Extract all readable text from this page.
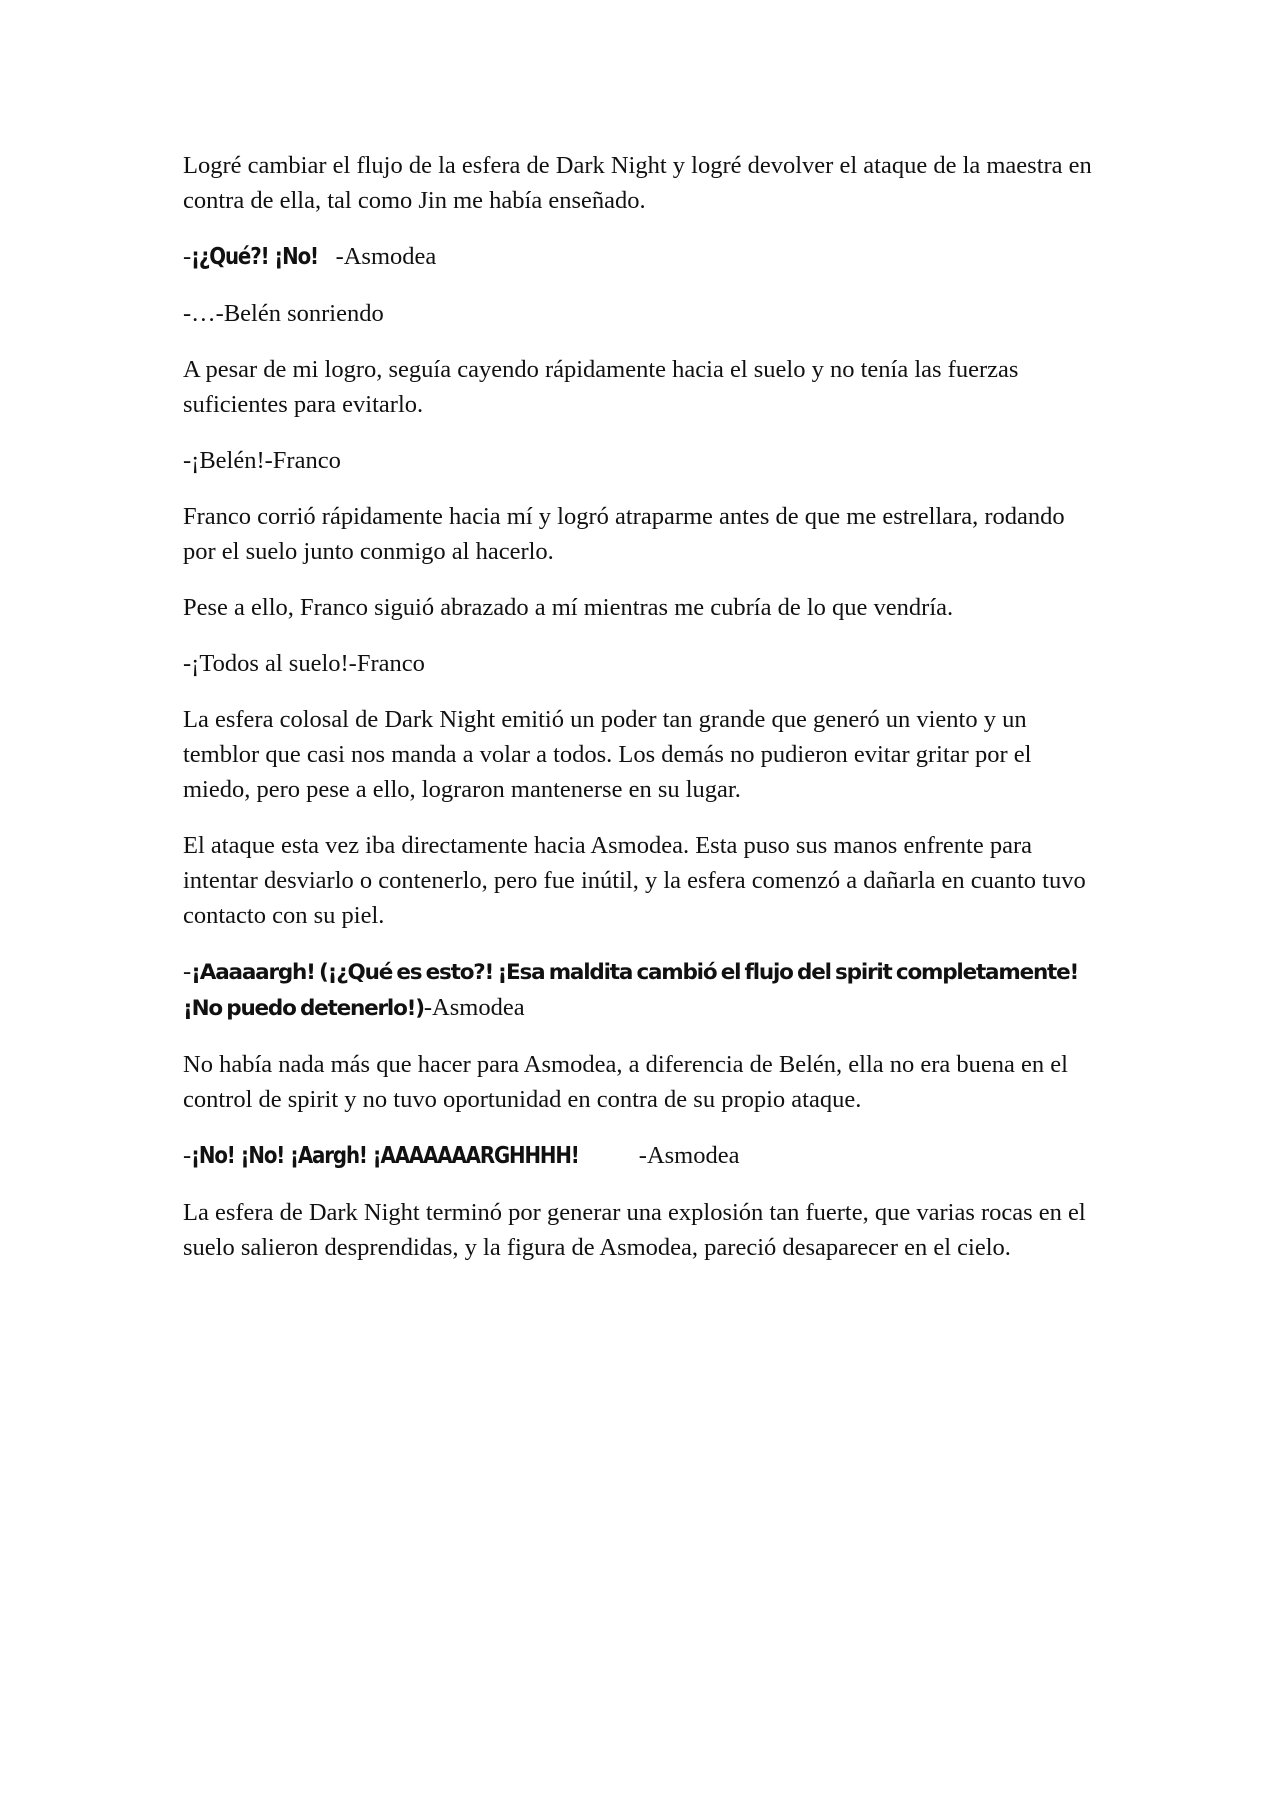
Logré cambiar el flujo de la esfera de Dark Night y logré devolver el ataque de la maestra en contra de ella, tal como Jin me había enseñado.

-¡¿Qué?! ¡No! -Asmodea

-…-Belén sonriendo

A pesar de mi logro, seguía cayendo rápidamente hacia el suelo y no tenía las fuerzas suficientes para evitarlo.

-¡Belén!-Franco

Franco corrió rápidamente hacia mí y logró atraparme antes de que me estrellara, rodando por el suelo junto conmigo al hacerlo.

Pese a ello, Franco siguió abrazado a mí mientras me cubría de lo que vendría.

-¡Todos al suelo!-Franco

La esfera colosal de Dark Night emitió un poder tan grande que generó un viento y un temblor que casi nos manda a volar a todos. Los demás no pudieron evitar gritar por el miedo, pero pese a ello, lograron mantenerse en su lugar.

El ataque esta vez iba directamente hacia Asmodea. Esta puso sus manos enfrente para intentar desviarlo o contenerlo, pero fue inútil, y la esfera comenzó a dañarla en cuanto tuvo contacto con su piel.

-¡Aaaaargh! (¡¿Qué es esto?! ¡Esa maldita cambió el flujo del spirit completamente! ¡No puedo detenerlo!)-Asmodea

No había nada más que hacer para Asmodea, a diferencia de Belén, ella no era buena en el control de spirit y no tuvo oportunidad en contra de su propio ataque.

-¡No! ¡No! ¡Aargh! ¡AAAAAAARGHHHH! -Asmodea

La esfera de Dark Night terminó por generar una explosión tan fuerte, que varias rocas en el suelo salieron desprendidas, y la figura de Asmodea, pareció desaparecer en el cielo.
